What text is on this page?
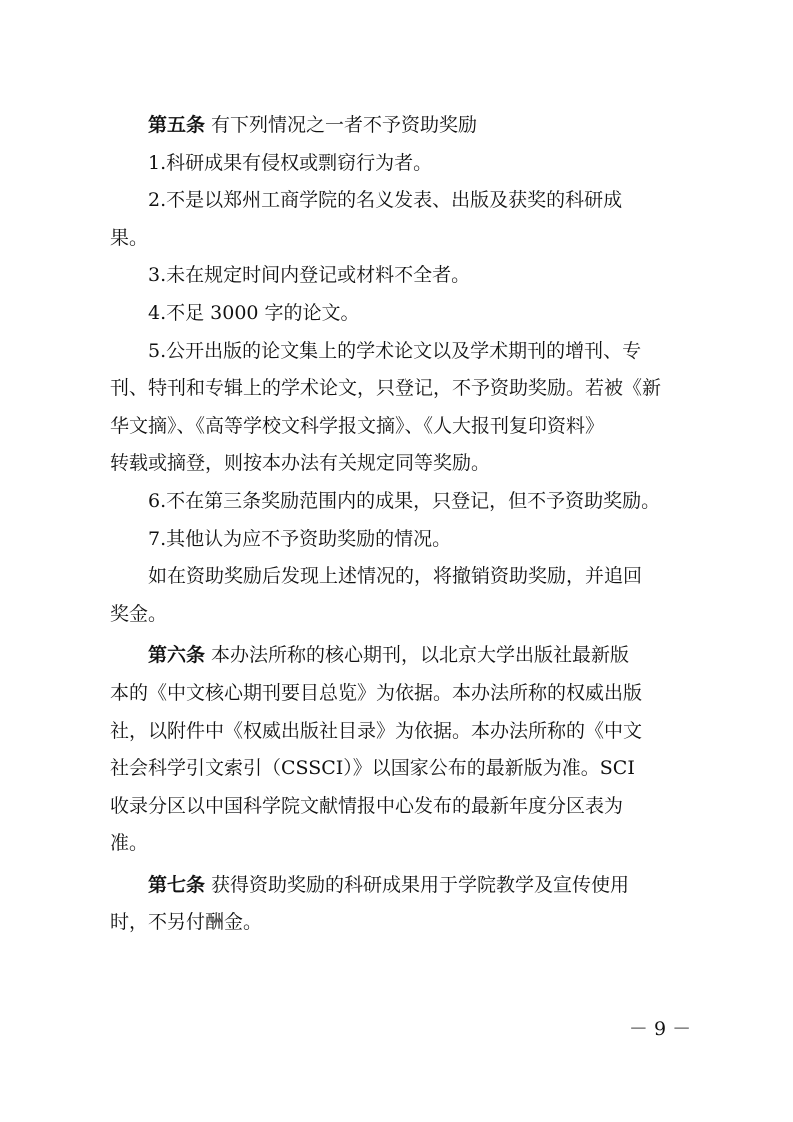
第五条 有下列情况之一者不予资助奖励
1.科研成果有侵权或剽窃行为者。
2.不是以郑州工商学院的名义发表、出版及获奖的科研成
果。
3.未在规定时间内登记或材料不全者。
4.不足 3000 字的论文。
5.公开出版的论文集上的学术论文以及学术期刊的增刊、专
刊、特刊和专辑上的学术论文，只登记，不予资助奖励。若被《新
华文摘》、《高等学校文科学报文摘》、《人大报刊复印资料》
转载或摘登，则按本办法有关规定同等奖励。
6.不在第三条奖励范围内的成果，只登记，但不予资助奖励。
7.其他认为应不予资助奖励的情况。
如在资助奖励后发现上述情况的，将撤销资助奖励，并追回
奖金。
第六条 本办法所称的核心期刊，以北京大学出版社最新版
本的《中文核心期刊要目总览》为依据。本办法所称的权威出版
社，以附件中《权威出版社目录》为依据。本办法所称的《中文
社会科学引文索引（CSSCI）》以国家公布的最新版为准。SCI
收录分区以中国科学院文献情报中心发布的最新年度分区表为
准。
第七条 获得资助奖励的科研成果用于学院教学及宣传使用
时，不另付酬金。
－ 9 －
